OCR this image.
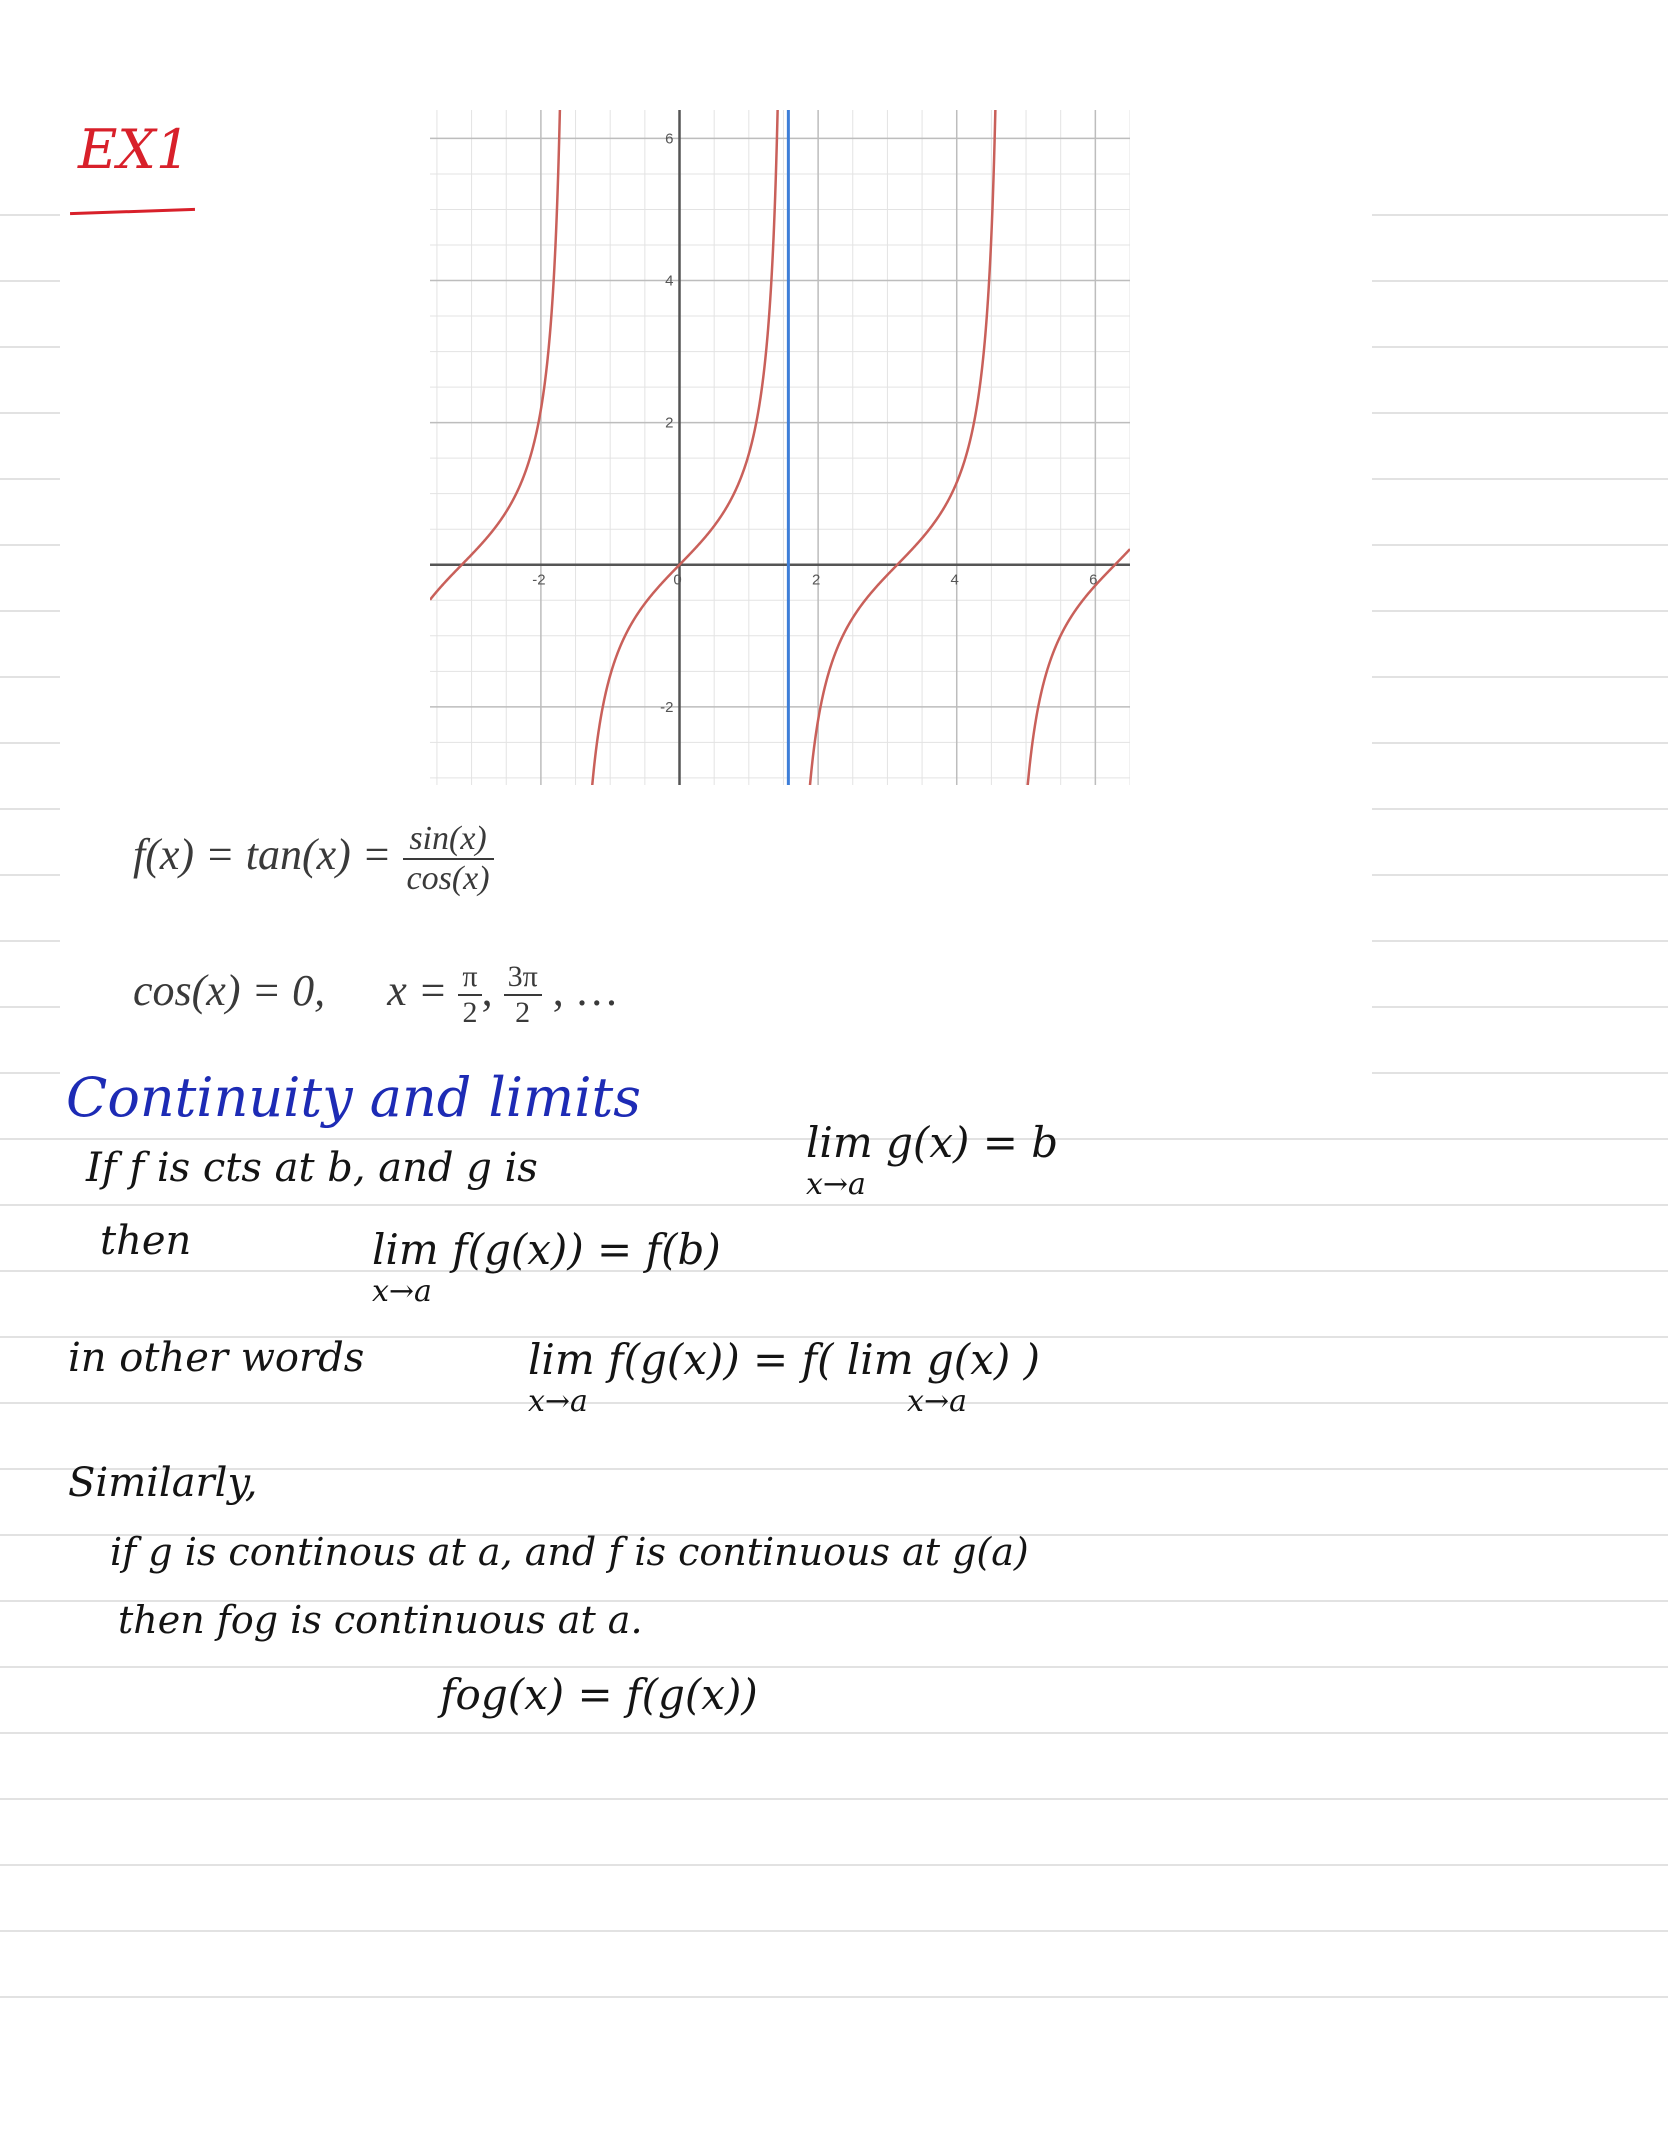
EX1
-2	0	2	4	6
6
4
2
-2
$f(x) = \tan(x) = \frac{\sin(x)}{\cos(x)}$
cos(x) = 0, $x = \frac{\pi}{2}$ , $\frac{3\pi}{2}$ , …
Continuity and limits
If f is cts at b, and g is
lim g(x) = b
x→a
then	lim f(g(x)) = f(b)
x→a
in other words	lim f(g(x)) = f( lim g(x) )
x→a	x→a
Similarly,
if g is continous at a, and f is continuous at g(a)
then fog is continuous at a.
fog(x) = f(g(x))
